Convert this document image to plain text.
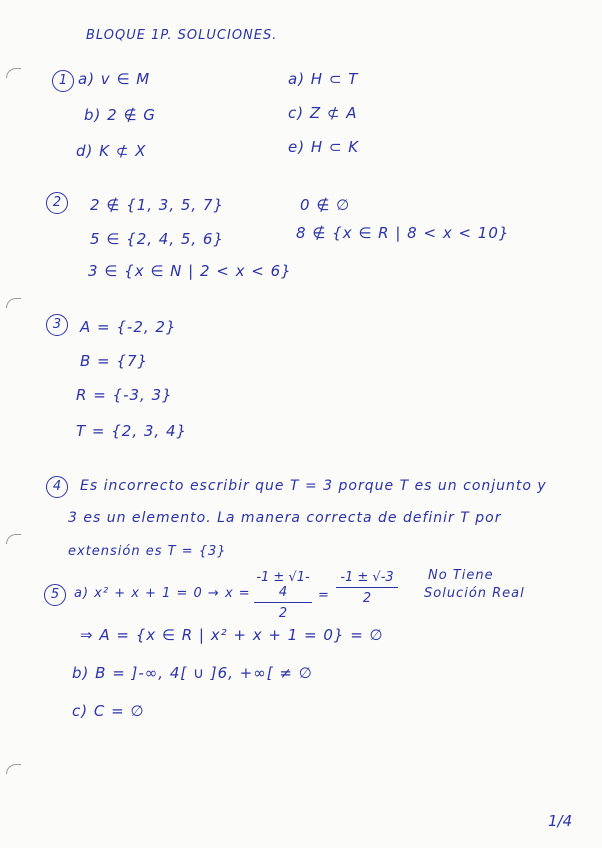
BLOQUE 1P. SOLUCIONES.
1 a) v ∈ M
b) 2 ∉ G
d) K ⊄ X
a) H ⊂ T
c) Z ⊄ A
e) H ⊂ K
2	2 ∉ {1, 3, 5, 7}
5 ∈ {2, 4, 5, 6}
3 ∈ {x ∈ N | 2 < x < 6}
0 ∉ ∅
8 ∉ {x ∈ R | 8 < x < 10}
3	A = {-2, 2}
B = {7}
R = {-3, 3}
T = {2, 3, 4}
4	Es incorrecto escribir que T = 3 porque T es un conjunto y
3 es un elemento. La manera correcta de definir T por
extensión es T = {3}
5	a) x² + x + 1 = 0 → x =
-1 ± √1-4
2
=
-1 ± √-3
2
No Tiene
Solución Real
⇒ A = {x ∈ R | x² + x + 1 = 0} = ∅
b) B = ]-∞, 4[ ∪ ]6, +∞[ ≠ ∅
c) C = ∅
1/4
